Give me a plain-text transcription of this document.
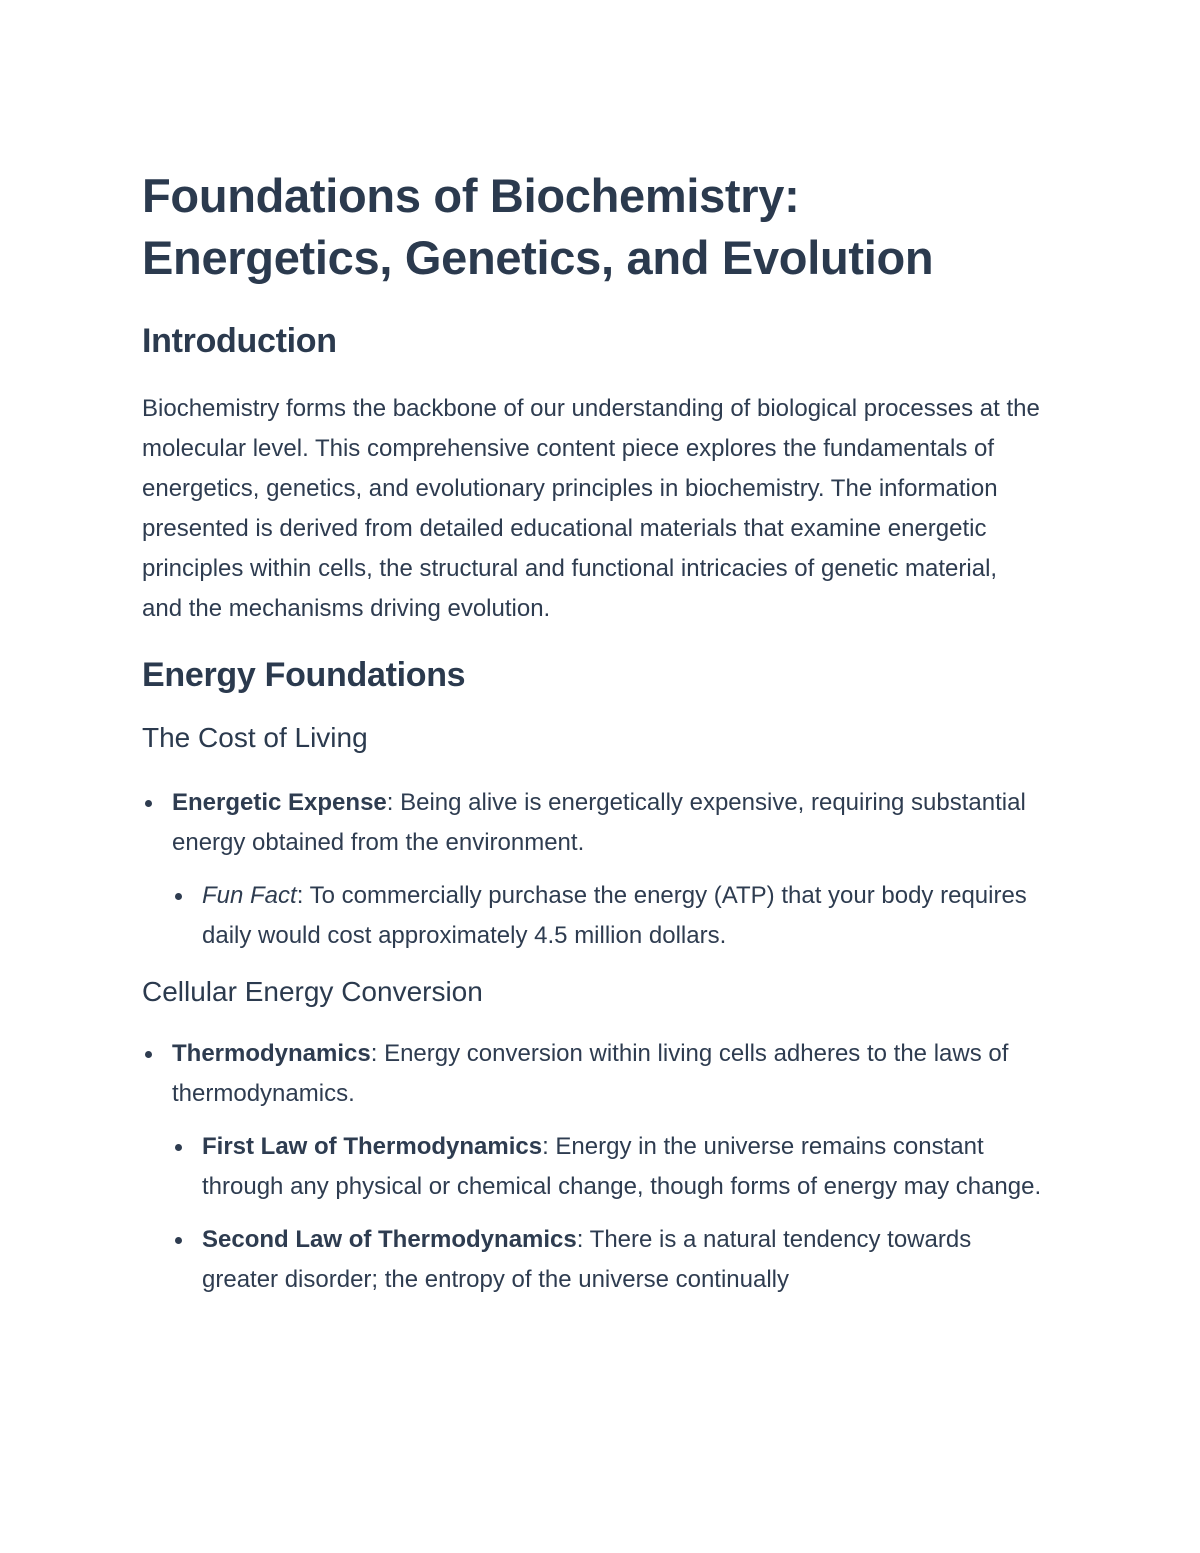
Foundations of Biochemistry:
Energetics, Genetics, and Evolution
Introduction

Biochemistry forms the backbone of our understanding of biological processes at the molecular level. This comprehensive content piece explores the fundamentals of energetics, genetics, and evolutionary principles in biochemistry. The information presented is derived from detailed educational materials that examine energetic principles within cells, the structural and functional intricacies of genetic material, and the mechanisms driving evolution.

Energy Foundations
The Cost of Living
Energetic Expense: Being alive is energetically expensive, requiring substantial energy obtained from the environment.
Fun Fact: To commercially purchase the energy (ATP) that your body requires daily would cost approximately 4.5 million dollars.
Cellular Energy Conversion
Thermodynamics: Energy conversion within living cells adheres to the laws of thermodynamics.
First Law of Thermodynamics: Energy in the universe remains constant through any physical or chemical change, though forms of energy may change.
Second Law of Thermodynamics: There is a natural tendency towards greater disorder; the entropy of the universe continually
